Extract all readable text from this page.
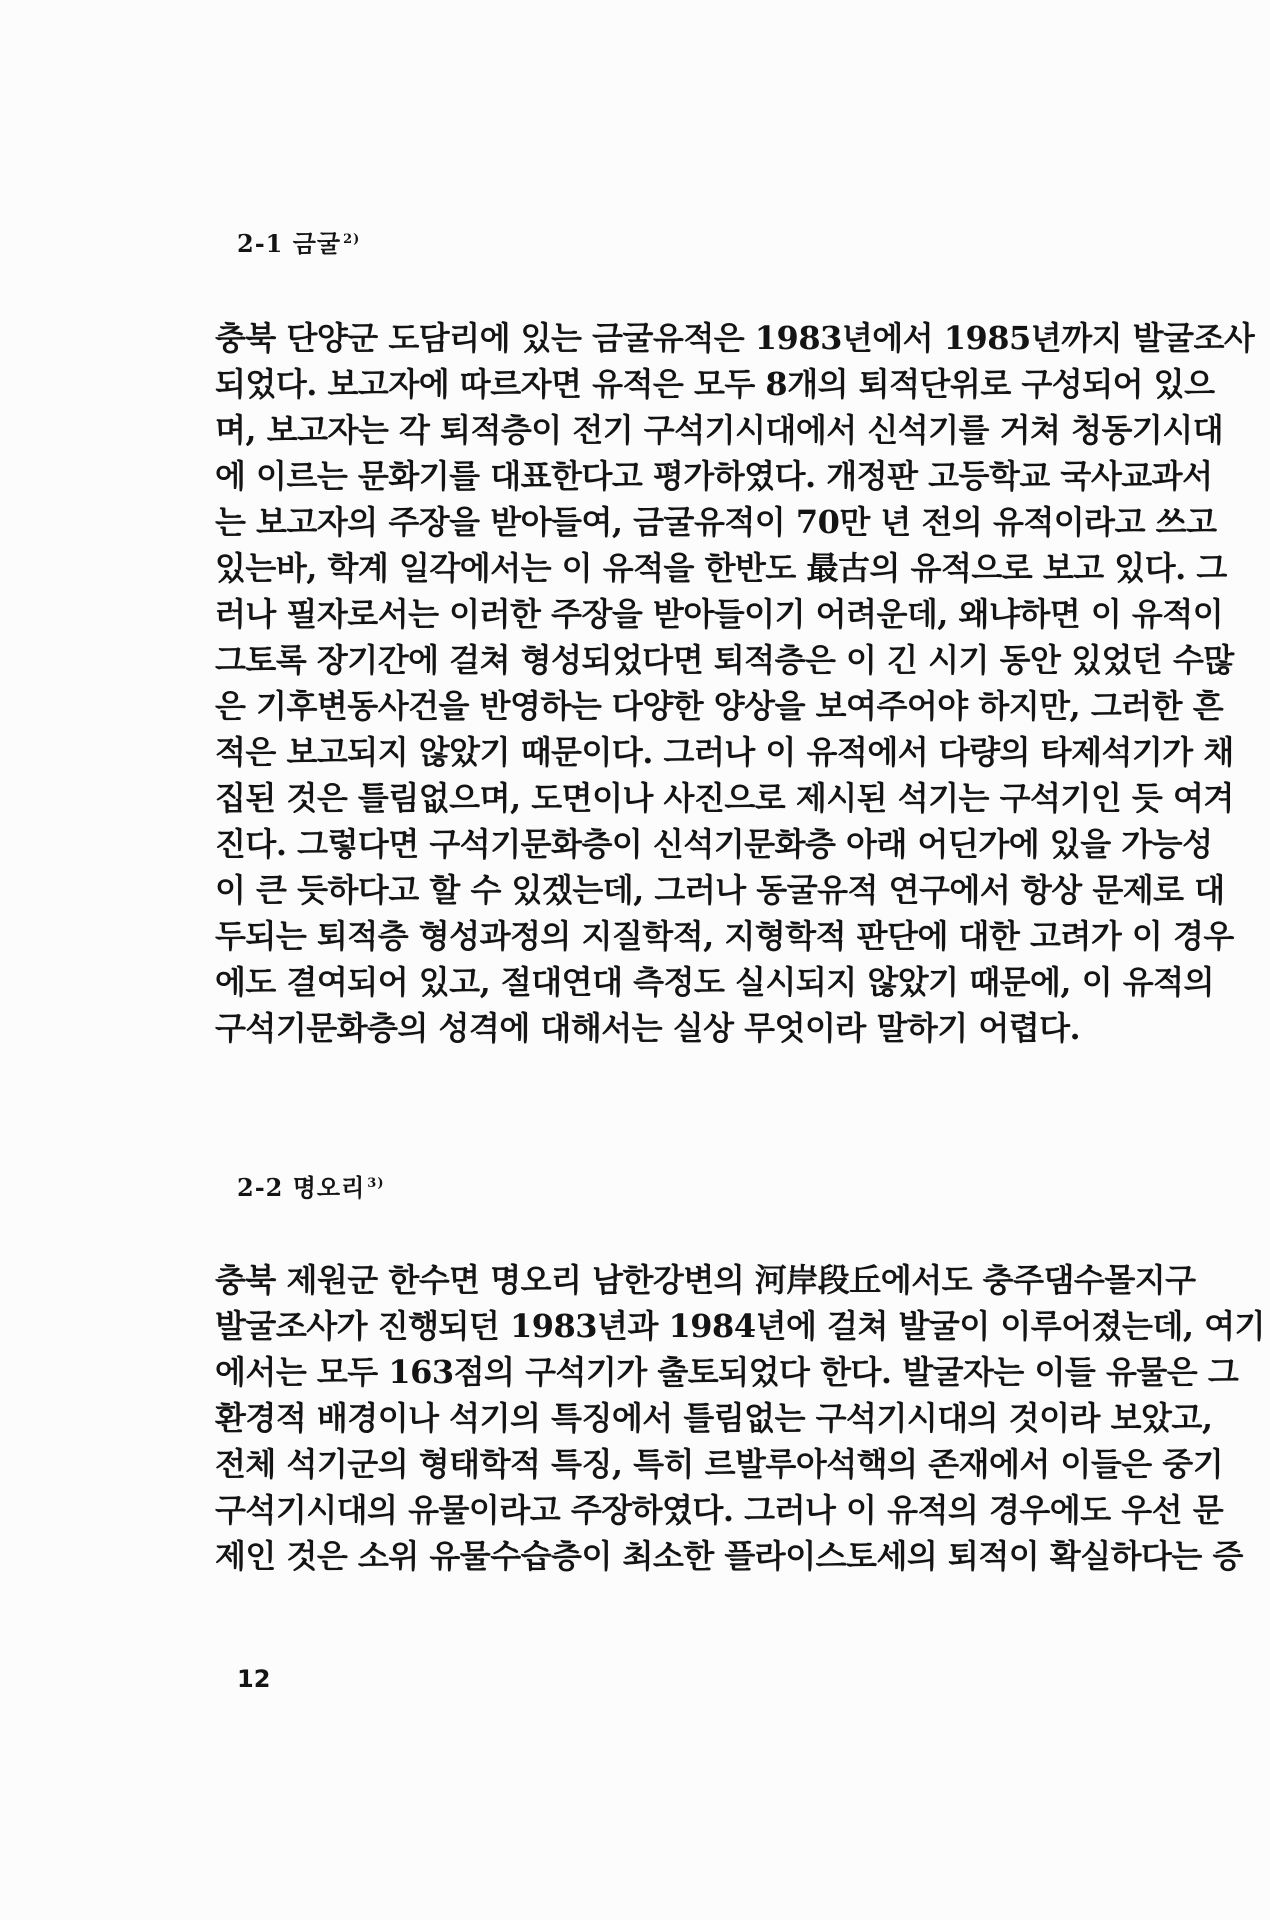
2-1 금굴 $^{2)}$
충북 단양군 도담리에 있는 금굴유적은 1983년에서 1985년까지 발굴조사
되었다. 보고자에 따르자면 유적은 모두 8개의 퇴적단위로 구성되어 있으
며, 보고자는 각 퇴적층이 전기 구석기시대에서 신석기를 거쳐 청동기시대
에 이르는 문화기를 대표한다고 평가하였다. 개정판 고등학교 국사교과서
는 보고자의 주장을 받아들여, 금굴유적이 70만 년 전의 유적이라고 쓰고
있는바, 학계 일각에서는 이 유적을 한반도 最古의 유적으로 보고 있다. 그
러나 필자로서는 이러한 주장을 받아들이기 어려운데, 왜냐하면 이 유적이
그토록 장기간에 걸쳐 형성되었다면 퇴적층은 이 긴 시기 동안 있었던 수많
은 기후변동사건을 반영하는 다양한 양상을 보여주어야 하지만, 그러한 흔
적은 보고되지 않았기 때문이다. 그러나 이 유적에서 다량의 타제석기가 채
집된 것은 틀림없으며, 도면이나 사진으로 제시된 석기는 구석기인 듯 여겨
진다. 그렇다면 구석기문화층이 신석기문화층 아래 어딘가에 있을 가능성
이 큰 듯하다고 할 수 있겠는데, 그러나 동굴유적 연구에서 항상 문제로 대
두되는 퇴적층 형성과정의 지질학적, 지형학적 판단에 대한 고려가 이 경우
에도 결여되어 있고, 절대연대 측정도 실시되지 않았기 때문에, 이 유적의
구석기문화층의 성격에 대해서는 실상 무엇이라 말하기 어렵다.
2-2 명오리 $^{3)}$
충북 제원군 한수면 명오리 남한강변의 河岸段丘에서도 충주댐수몰지구
발굴조사가 진행되던 1983년과 1984년에 걸쳐 발굴이 이루어졌는데, 여기
에서는 모두 163점의 구석기가 출토되었다 한다. 발굴자는 이들 유물은 그
환경적 배경이나 석기의 특징에서 틀림없는 구석기시대의 것이라 보았고,
전체 석기군의 형태학적 특징, 특히 르발루아석핵의 존재에서 이들은 중기
구석기시대의 유물이라고 주장하였다. 그러나 이 유적의 경우에도 우선 문
제인 것은 소위 유물수습층이 최소한 플라이스토세의 퇴적이 확실하다는 증
12
